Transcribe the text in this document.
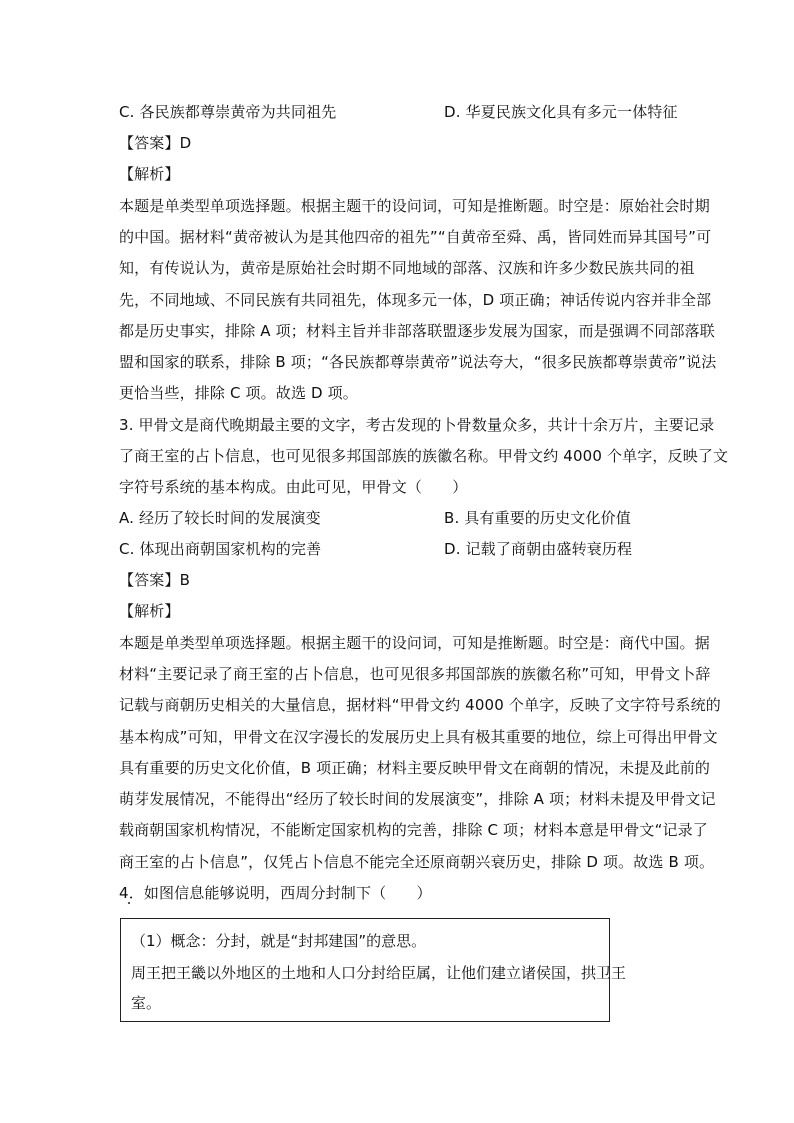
C. 各民族都尊崇黄帝为共同祖先	D. 华夏民族文化具有多元一体特征
【答案】D
【解析】
本题是单类型单项选择题。根据主题干的设问词，可知是推断题。时空是：原始社会时期
的中国。据材料“黄帝被认为是其他四帝的祖先”“自黄帝至舜、禹，皆同姓而异其国号”可
知，有传说认为，黄帝是原始社会时期不同地域的部落、汉族和许多少数民族共同的祖
先，不同地域、不同民族有共同祖先，体现多元一体，D 项正确；神话传说内容并非全部
都是历史事实，排除 A 项；材料主旨并非部落联盟逐步发展为国家，而是强调不同部落联
盟和国家的联系，排除 B 项；“各民族都尊崇黄帝”说法夸大，“很多民族都尊崇黄帝”说法
更恰当些，排除 C 项。故选 D 项。
3. 甲骨文是商代晚期最主要的文字，考古发现的卜骨数量众多，共计十余万片，主要记录
了商王室的占卜信息，也可见很多邦国部族的族徽名称。甲骨文约 4000 个单字，反映了文
字符号系统的基本构成。由此可见，甲骨文（　　）
A. 经历了较长时间的发展演变	B. 具有重要的历史文化价值
C. 体现出商朝国家机构的完善	D. 记载了商朝由盛转衰历程
【答案】B
【解析】
本题是单类型单项选择题。根据主题干的设问词，可知是推断题。时空是：商代中国。据
材料“主要记录了商王室的占卜信息，也可见很多邦国部族的族徽名称”可知，甲骨文卜辞
记载与商朝历史相关的大量信息，据材料“甲骨文约 4000 个单字，反映了文字符号系统的
基本构成”可知，甲骨文在汉字漫长的发展历史上具有极其重要的地位，综上可得出甲骨文
具有重要的历史文化价值，B 项正确；材料主要反映甲骨文在商朝的情况，未提及此前的
萌芽发展情况，不能得出“经历了较长时间的发展演变”，排除 A 项；材料未提及甲骨文记
载商朝国家机构情况，不能断定国家机构的完善，排除 C 项；材料本意是甲骨文“记录了
商王室的占卜信息”，仅凭占卜信息不能完全还原商朝兴衰历史，排除 D 项。故选 B 项。
4．如图信息能够说明，西周分封制下（　　）
（1）概念：分封，就是“封邦建国”的意思。
周王把王畿以外地区的土地和人口分封给臣属，让他们建立诸侯国，拱卫王
室。
